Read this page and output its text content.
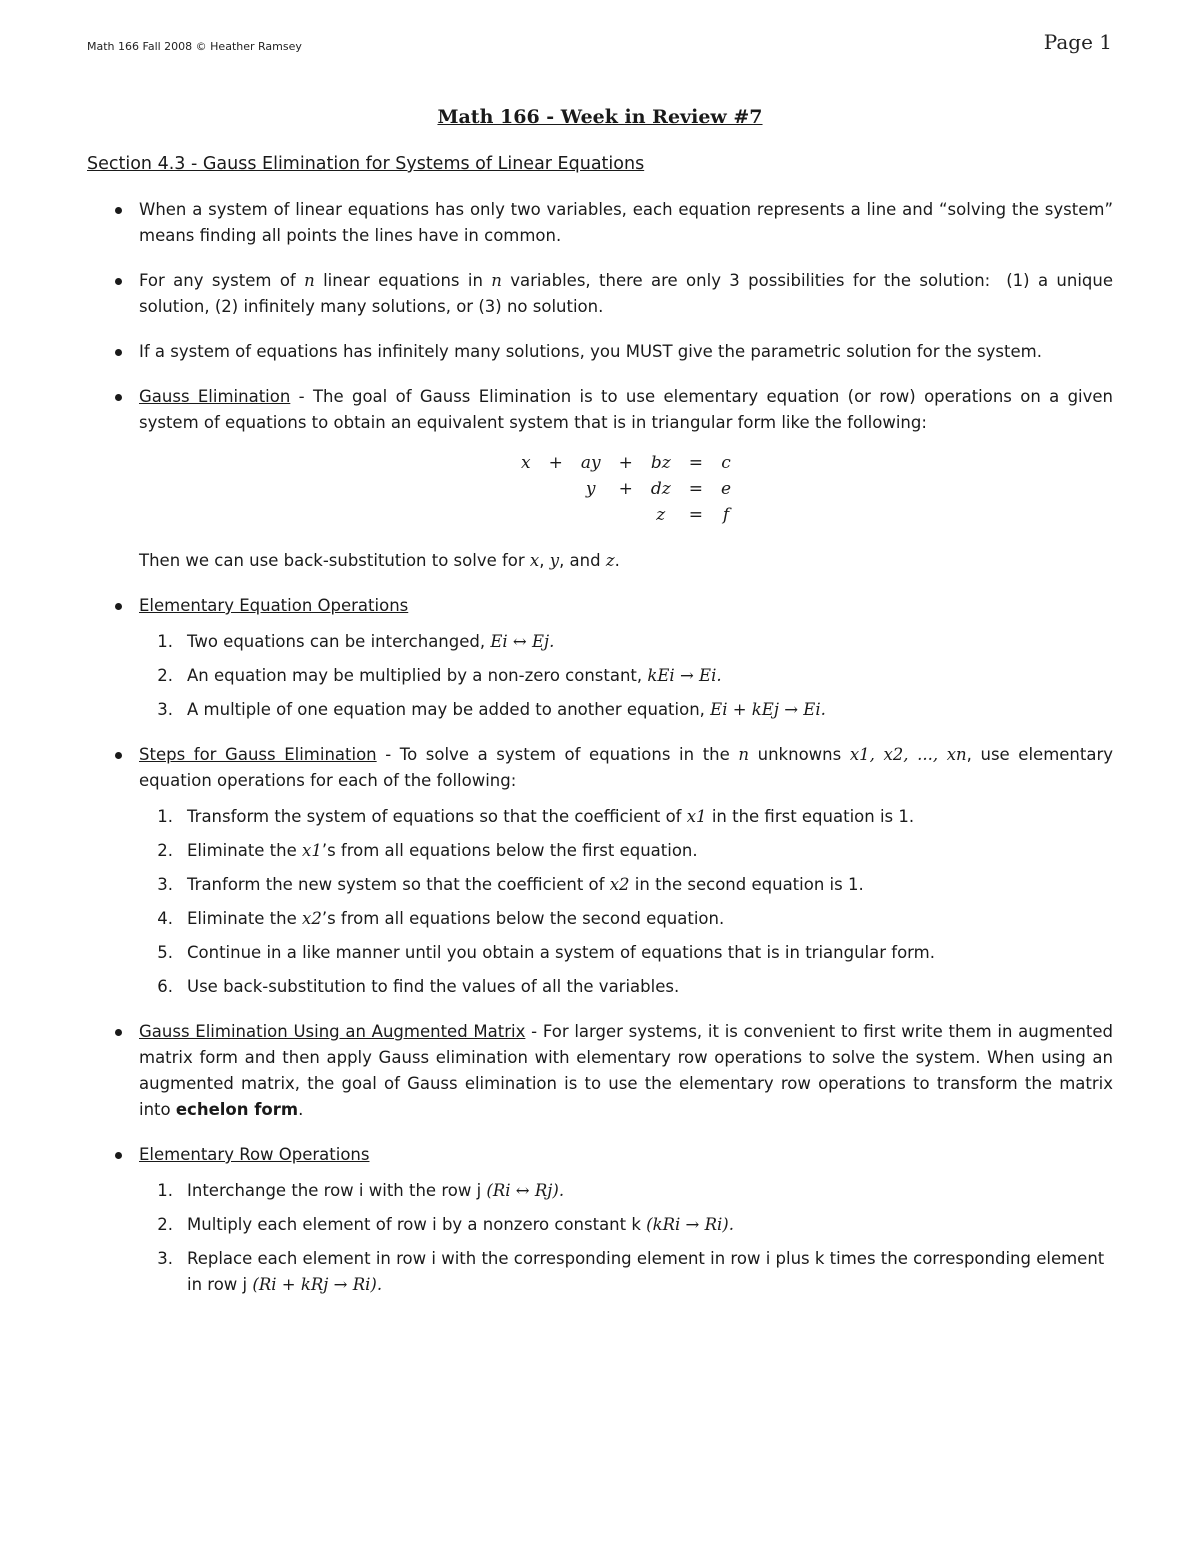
Math 166 Fall 2008 © Heather Ramsey	Page 1
Math 166 - Week in Review #7
Section 4.3 - Gauss Elimination for Systems of Linear Equations
When a system of linear equations has only two variables, each equation represents a line and “solving the system” means finding all points the lines have in common.
For any system of n linear equations in n variables, there are only 3 possibilities for the solution: (1) a unique solution, (2) infinitely many solutions, or (3) no solution.
If a system of equations has infinitely many solutions, you MUST give the parametric solution for the system.
Gauss Elimination - The goal of Gauss Elimination is to use elementary equation (or row) operations on a given system of equations to obtain an equivalent system that is in triangular form like the following:
x	+	ay	+	bz	=	c
		y	+	dz	=	e
				z	=	f
Then we can use back-substitution to solve for x, y, and z.
Elementary Equation Operations
1. Two equations can be interchanged, Ei ↔ Ej.
2. An equation may be multiplied by a non-zero constant, kEi → Ei.
3. A multiple of one equation may be added to another equation, Ei + kEj → Ei.
Steps for Gauss Elimination - To solve a system of equations in the n unknowns x1, x2, ..., xn, use elementary equation operations for each of the following:
1. Transform the system of equations so that the coefficient of x1 in the first equation is 1.
2. Eliminate the x1’s from all equations below the first equation.
3. Tranform the new system so that the coefficient of x2 in the second equation is 1.
4. Eliminate the x2’s from all equations below the second equation.
5. Continue in a like manner until you obtain a system of equations that is in triangular form.
6. Use back-substitution to find the values of all the variables.
Gauss Elimination Using an Augmented Matrix - For larger systems, it is convenient to first write them in augmented matrix form and then apply Gauss elimination with elementary row operations to solve the system. When using an augmented matrix, the goal of Gauss elimination is to use the elementary row operations to transform the matrix into echelon form.
Elementary Row Operations
1. Interchange the row i with the row j (Ri ↔ Rj).
2. Multiply each element of row i by a nonzero constant k (kRi → Ri).
3. Replace each element in row i with the corresponding element in row i plus k times the corresponding element in row j (Ri + kRj → Ri).
